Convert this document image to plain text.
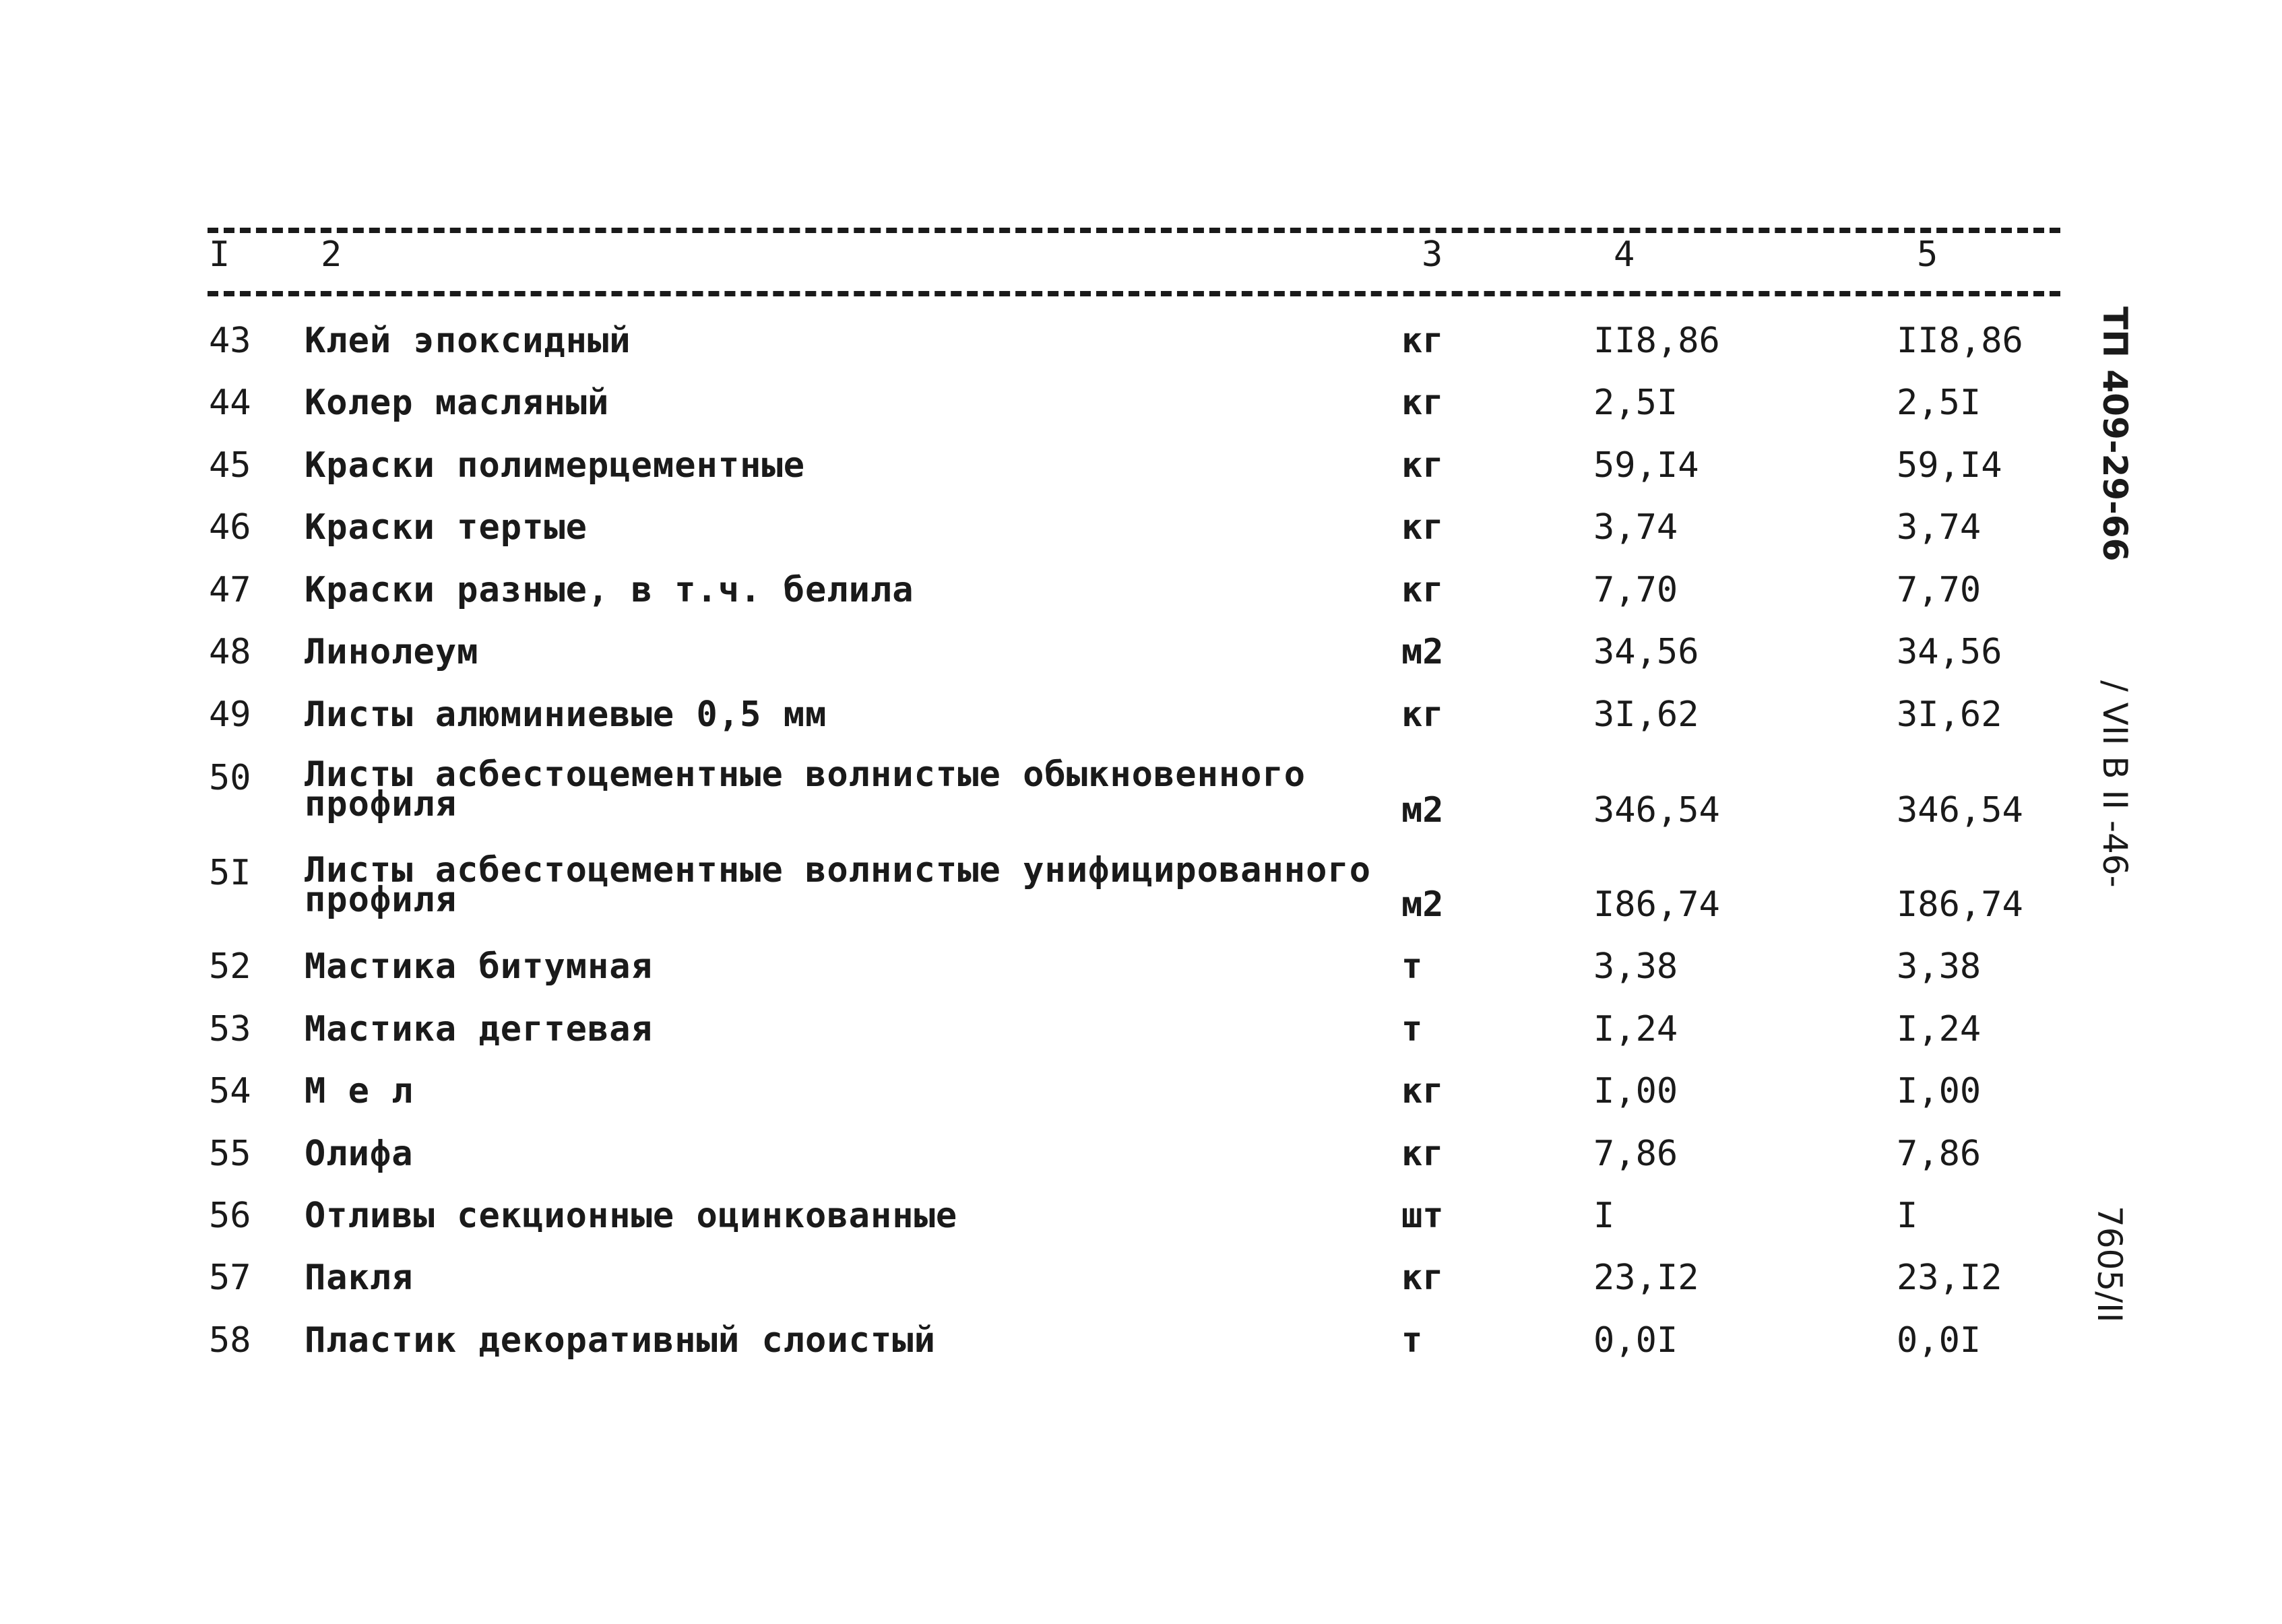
I	2	3	4	5
43 Клей эпоксидный	кг	II8,86	II8,86
44 Колер масляный	кг	2,5I	2,5I
45 Краски полимерцементные	кг	59,I4	59,I4
46 Краски тертые	кг	3,74	3,74
47 Краски разные, в т.ч. белила	кг	7,70	7,70
48 Линолеум	м2	34,56	34,56
49 Листы алюминиевые 0,5 мм	кг	3I,62	3I,62
50 Листы асбестоцементные волнистые обыкновенного
профиля	м2	346,54	346,54
5I Листы асбестоцементные волнистые унифицированного
профиля	м2	I86,74	I86,74
52 Мастика битумная	т	3,38	3,38
53 Мастика дегтевая	т	I,24	I,24
54 М е л	кг	I,00	I,00
55 Олифа	кг	7,86	7,86
56 Отливы секционные оцинкованные	шт	I	I
57 Пакля	кг	23,I2	23,I2
58 Пластик декоративный слоистый	т	0,0I	0,0I
ТП 409-29-66
/ VII В II -46-
7605/II
